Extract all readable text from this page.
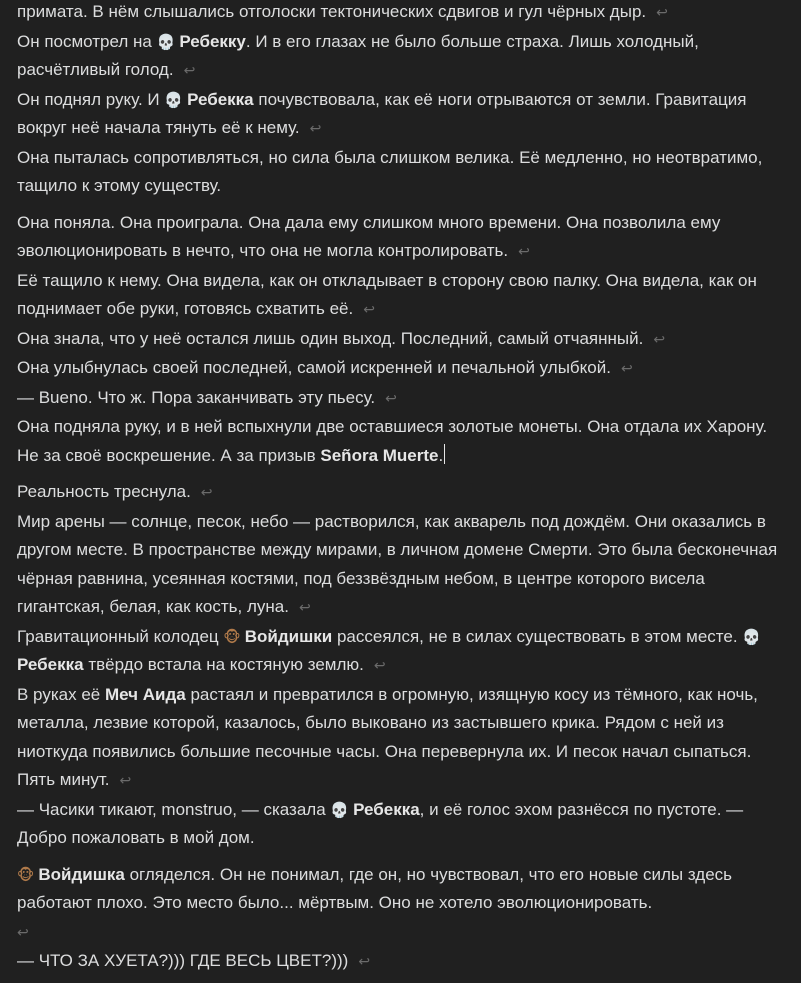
примата. В нём слышались отголоски тектонических сдвигов и гул чёрных дыр. ↩
Он посмотрел на 💀 Ребекку. И в его глазах не было больше страха. Лишь холодный, расчётливый голод. ↩
Он поднял руку. И 💀 Ребекка почувствовала, как её ноги отрываются от земли. Гравитация вокруг неё начала тянуть её к нему. ↩
Она пыталась сопротивляться, но сила была слишком велика. Её медленно, но неотвратимо, тащило к этому существу.
Она поняла. Она проиграла. Она дала ему слишком много времени. Она позволила ему эволюционировать в нечто, что она не могла контролировать. ↩
Её тащило к нему. Она видела, как он откладывает в сторону свою палку. Она видела, как он поднимает обе руки, готовясь схватить её. ↩
Она знала, что у неё остался лишь один выход. Последний, самый отчаянный. ↩
Она улыбнулась своей последней, самой искренней и печальной улыбкой. ↩
— Bueno. Что ж. Пора заканчивать эту пьесу. ↩
Она подняла руку, и в ней вспыхнули две оставшиеся золотые монеты. Она отдала их Харону. Не за своё воскрешение. А за призыв Señora Muerte.
Реальность треснула. ↩
Мир арены — солнце, песок, небо — растворился, как акварель под дождём. Они оказались в другом месте. В пространстве между мирами, в личном домене Смерти. Это была бесконечная чёрная равнина, усеянная костями, под беззвёздным небом, в центре которого висела гигантская, белая, как кость, луна. ↩
Гравитационный колодец 🐵 Войдишки рассеялся, не в силах существовать в этом месте. 💀Ребекка твёрдо встала на костяную землю. ↩
В руках её Меч Аида растаял и превратился в огромную, изящную косу из тёмного, как ночь, металла, лезвие которой, казалось, было выковано из застывшего крика. Рядом с ней из ниоткуда появились большие песочные часы. Она перевернула их. И песок начал сыпаться. Пять минут. ↩
— Часики тикают, monstruo, — сказала 💀 Ребекка, и её голос эхом разнёсся по пустоте. — Добро пожаловать в мой дом.
🐵 Войдишка огляделся. Он не понимал, где он, но чувствовал, что его новые силы здесь работают плохо. Это место было... мёртвым. Оно не хотело эволюционировать.
↩
— ЧТО ЗА ХУЕТА?))) ГДЕ ВЕСЬ ЦВЕТ?))) ↩
